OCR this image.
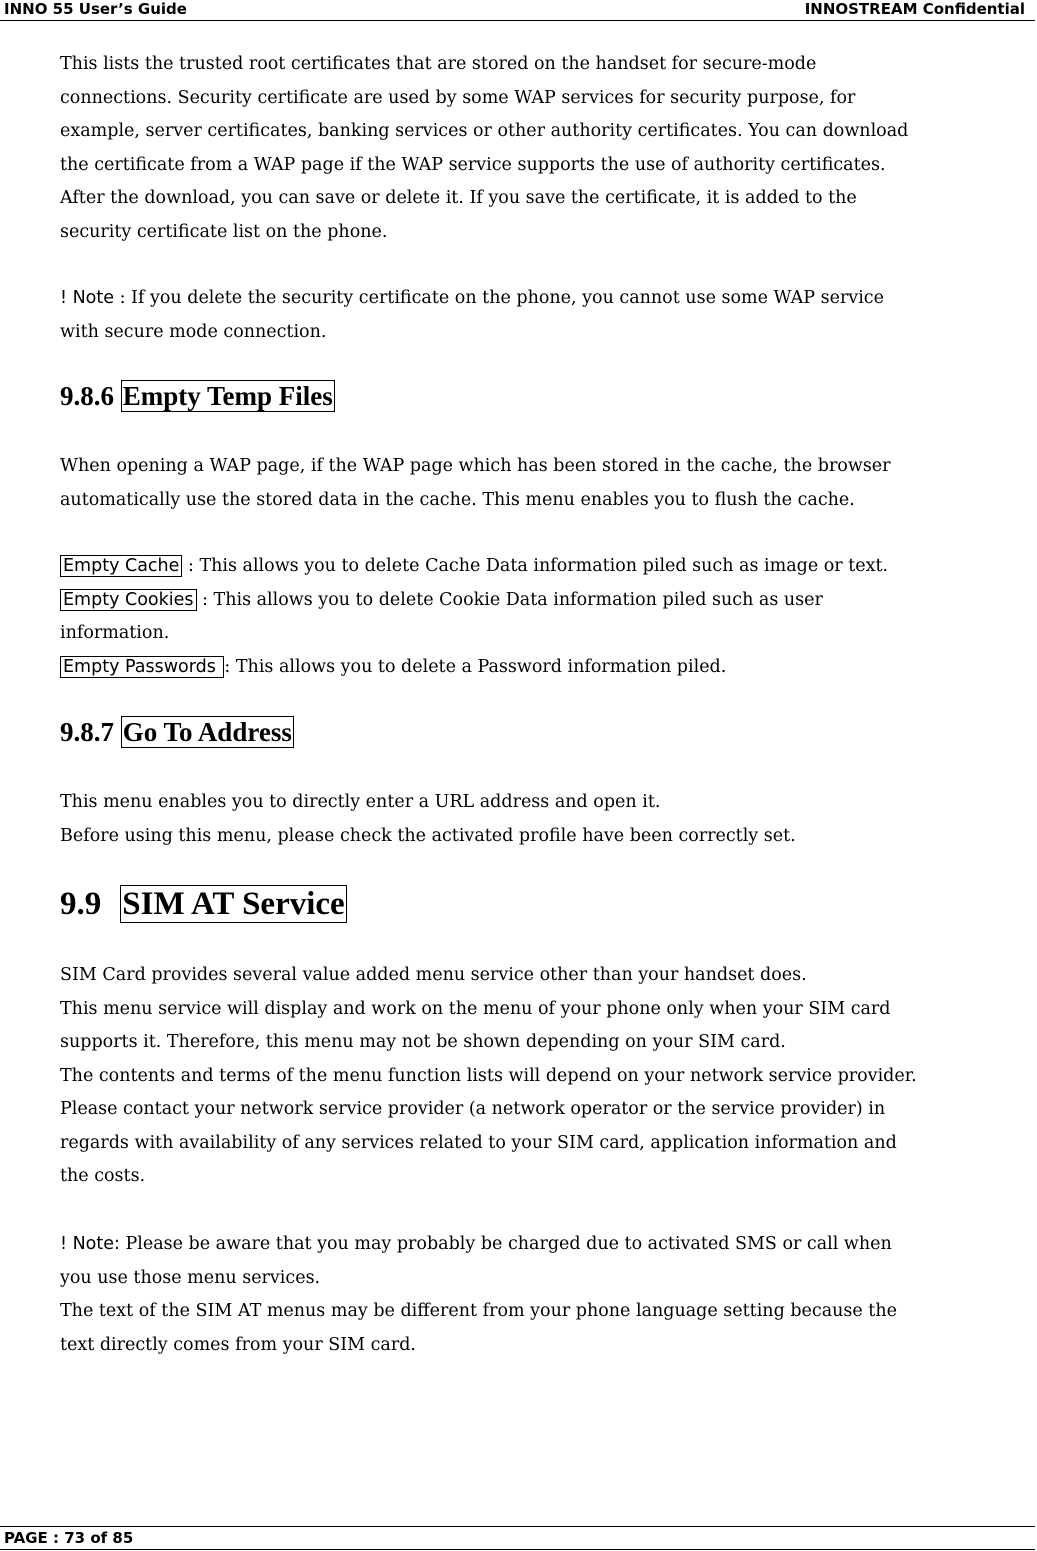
INNO 55 User’s Guide	INNOSTREAM Confidential

This lists the trusted root certificates that are stored on the handset for secure-mode

connections. Security certificate are used by some WAP services for security purpose, for

example, server certificates, banking services or other authority certificates. You can download

the certificate from a WAP page if the WAP service supports the use of authority certificates.

After the download, you can save or delete it. If you save the certificate, it is added to the

security certificate list on the phone.

! Note : If you delete the security certificate on the phone, you cannot use some WAP service

with secure mode connection.

9.8.6 Empty Temp Files

When opening a WAP page, if the WAP page which has been stored in the cache, the browser

automatically use the stored data in the cache. This menu enables you to flush the cache.

Empty Cache : This allows you to delete Cache Data information piled such as image or text.

Empty Cookies : This allows you to delete Cookie Data information piled such as user

information.

Empty Passwords : This allows you to delete a Password information piled.

9.8.7 Go To Address

This menu enables you to directly enter a URL address and open it.

Before using this menu, please check the activated profile have been correctly set.

9.9 SIM AT Service

SIM Card provides several value added menu service other than your handset does.

This menu service will display and work on the menu of your phone only when your SIM card

supports it. Therefore, this menu may not be shown depending on your SIM card.

The contents and terms of the menu function lists will depend on your network service provider.

Please contact your network service provider (a network operator or the service provider) in

regards with availability of any services related to your SIM card, application information and

the costs.

! Note: Please be aware that you may probably be charged due to activated SMS or call when

you use those menu services.

The text of the SIM AT menus may be different from your phone language setting because the

text directly comes from your SIM card.

PAGE : 73 of 85
